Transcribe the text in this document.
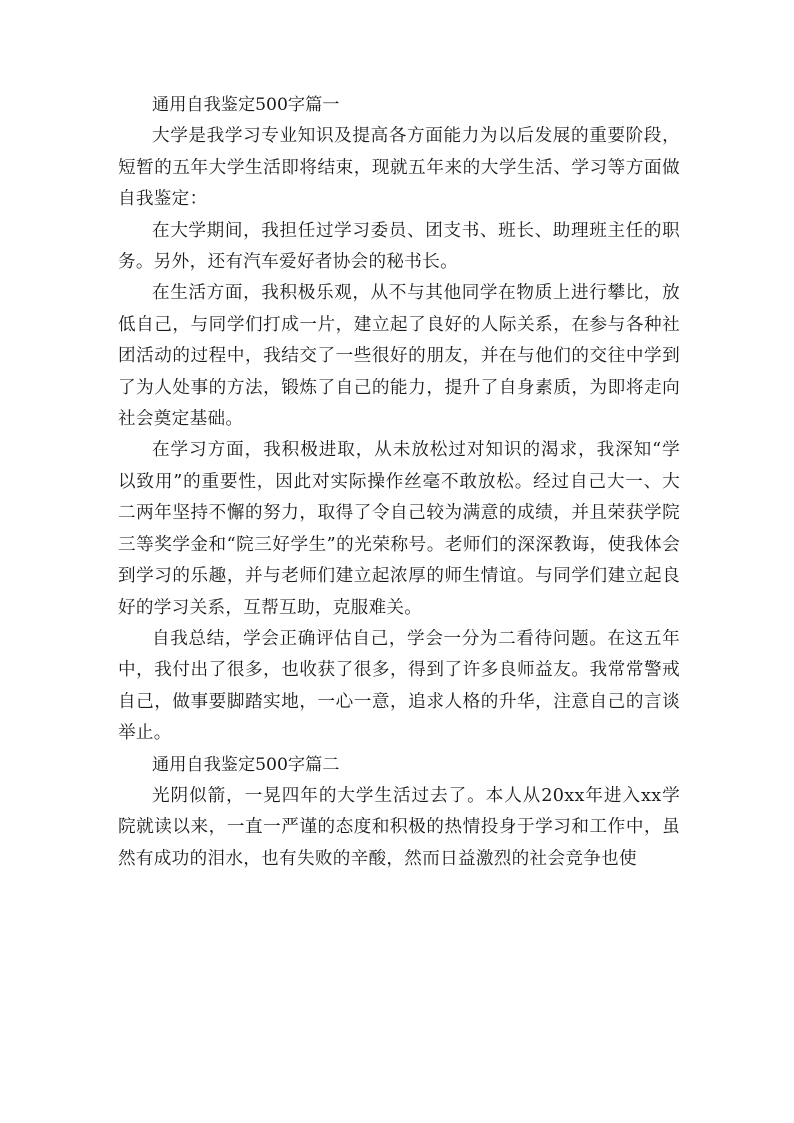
通用自我鉴定500字篇一

大学是我学习专业知识及提高各方面能力为以后发展的重要阶段，短暂的五年大学生活即将结束，现就五年来的大学生活、学习等方面做自我鉴定：

在大学期间，我担任过学习委员、团支书、班长、助理班主任的职务。另外，还有汽车爱好者协会的秘书长。

在生活方面，我积极乐观，从不与其他同学在物质上进行攀比，放低自己，与同学们打成一片，建立起了良好的人际关系，在参与各种社团活动的过程中，我结交了一些很好的朋友，并在与他们的交往中学到了为人处事的方法，锻炼了自己的能力，提升了自身素质，为即将走向社会奠定基础。

在学习方面，我积极进取，从未放松过对知识的渴求，我深知“学以致用”的重要性，因此对实际操作丝毫不敢放松。经过自己大一、大二两年坚持不懈的努力，取得了令自己较为满意的成绩，并且荣获学院三等奖学金和“院三好学生”的光荣称号。老师们的深深教诲，使我体会到学习的乐趣，并与老师们建立起浓厚的师生情谊。与同学们建立起良好的学习关系，互帮互助，克服难关。

自我总结，学会正确评估自己，学会一分为二看待问题。在这五年中，我付出了很多，也收获了很多，得到了许多良师益友。我常常警戒自己，做事要脚踏实地，一心一意，追求人格的升华，注意自己的言谈举止。

通用自我鉴定500字篇二

光阴似箭，一晃四年的大学生活过去了。本人从20xx年进入xx学院就读以来，一直一严谨的态度和积极的热情投身于学习和工作中，虽然有成功的泪水，也有失败的辛酸，然而日益激烈的社会竞争也使
